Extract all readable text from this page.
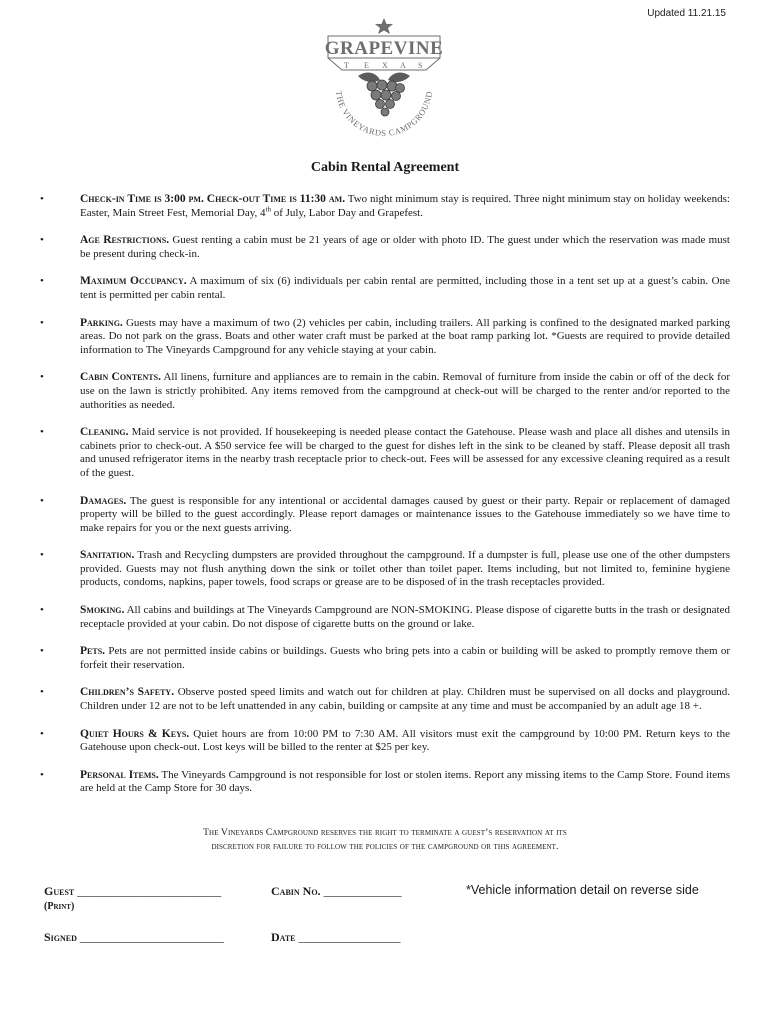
Updated 11.21.15
GRAPEVINE
T E X A S
THE VINEYARDS CAMPGROUND
Cabin Rental Agreement
•	Check-in Time is 3:00 pm. Check-out Time is 11:30 am. Two night minimum stay is required. Three night minimum stay on holiday weekends: Easter, Main Street Fest, Memorial Day, 4th of July, Labor Day and Grapefest.
•	Age Restrictions. Guest renting a cabin must be 21 years of age or older with photo ID. The guest under which the reservation was made must be present during check-in.
•	Maximum Occupancy. A maximum of six (6) individuals per cabin rental are permitted, including those in a tent set up at a guest’s cabin. One tent is permitted per cabin rental.
•	Parking. Guests may have a maximum of two (2) vehicles per cabin, including trailers. All parking is confined to the designated marked parking areas. Do not park on the grass. Boats and other water craft must be parked at the boat ramp parking lot. *Guests are required to provide detailed information to The Vineyards Campground for any vehicle staying at your cabin.
•	Cabin Contents. All linens, furniture and appliances are to remain in the cabin. Removal of furniture from inside the cabin or off of the deck for use on the lawn is strictly prohibited. Any items removed from the campground at check-out will be charged to the renter and/or reported to the authorities as needed.
•	Cleaning. Maid service is not provided. If housekeeping is needed please contact the Gatehouse. Please wash and place all dishes and utensils in cabinets prior to check-out. A $50 service fee will be charged to the guest for dishes left in the sink to be cleaned by staff. Please deposit all trash and unused refrigerator items in the nearby trash receptacle prior to check-out. Fees will be assessed for any excessive cleaning required as a result of the guest.
•	Damages. The guest is responsible for any intentional or accidental damages caused by guest or their party. Repair or replacement of damaged property will be billed to the guest accordingly. Please report damages or maintenance issues to the Gatehouse immediately so we have time to make repairs for you or the next guests arriving.
•	Sanitation. Trash and Recycling dumpsters are provided throughout the campground. If a dumpster is full, please use one of the other dumpsters provided. Guests may not flush anything down the sink or toilet other than toilet paper. Items including, but not limited to, feminine hygiene products, condoms, napkins, paper towels, food scraps or grease are to be disposed of in the trash receptacles provided.
•	Smoking. All cabins and buildings at The Vineyards Campground are NON-SMOKING. Please dispose of cigarette butts in the trash or designated receptacle provided at your cabin. Do not dispose of cigarette butts on the ground or lake.
•	Pets. Pets are not permitted inside cabins or buildings. Guests who bring pets into a cabin or building will be asked to promptly remove them or forfeit their reservation.
•	Children’s Safety. Observe posted speed limits and watch out for children at play. Children must be supervised on all docks and playground. Children under 12 are not to be left unattended in any cabin, building or campsite at any time and must be accompanied by an adult age 18 +.
•	Quiet Hours & Keys. Quiet hours are from 10:00 PM to 7:30 AM. All visitors must exit the campground by 10:00 PM. Return keys to the Gatehouse upon check-out. Lost keys will be billed to the renter at $25 per key.
•	Personal Items. The Vineyards Campground is not responsible for lost or stolen items. Report any missing items to the Camp Store. Found items are held at the Camp Store for 30 days.
The Vineyards Campground reserves the right to terminate a guest’s reservation at its
discretion for failure to follow the policies of the campground or this agreement.
Guest ________________________
(Print)
Cabin No. _____________	*Vehicle information detail on reverse side
Signed ________________________	Date _________________
